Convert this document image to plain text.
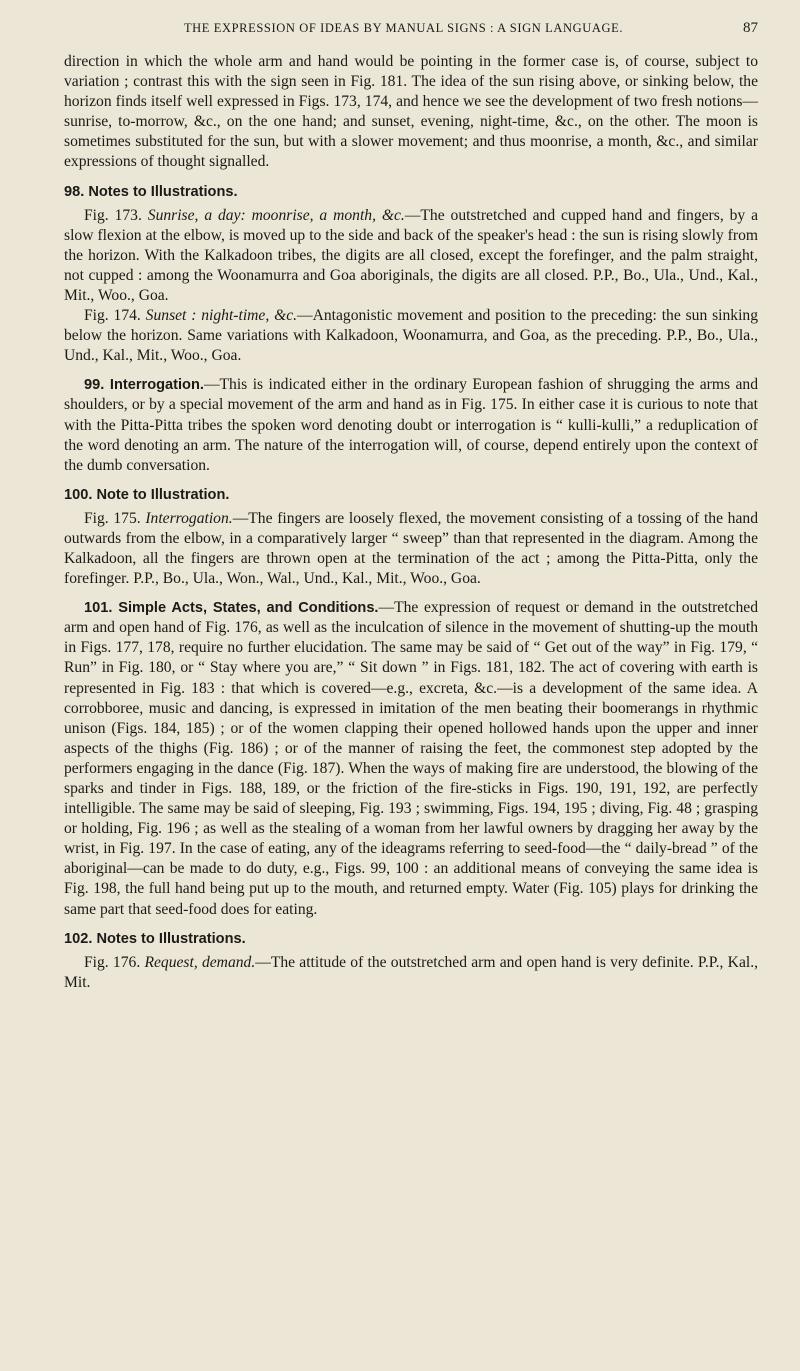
THE EXPRESSION OF IDEAS BY MANUAL SIGNS : A SIGN LANGUAGE.	87

direction in which the whole arm and hand would be pointing in the former case is, of course, subject to variation ; contrast this with the sign seen in Fig. 181. The idea of the sun rising above, or sinking below, the horizon finds itself well expressed in Figs. 173, 174, and hence we see the development of two fresh notions—sunrise, to-morrow, &c., on the one hand; and sunset, evening, night-time, &c., on the other. The moon is sometimes substituted for the sun, but with a slower movement; and thus moonrise, a month, &c., and similar expressions of thought signalled.

98. Notes to Illustrations.

Fig. 173. Sunrise, a day: moonrise, a month, &c.—The outstretched and cupped hand and fingers, by a slow flexion at the elbow, is moved up to the side and back of the speaker's head : the sun is rising slowly from the horizon. With the Kalkadoon tribes, the digits are all closed, except the forefinger, and the palm straight, not cupped : among the Woonamurra and Goa aboriginals, the digits are all closed. P.P., Bo., Ula., Und., Kal., Mit., Woo., Goa.

Fig. 174. Sunset : night-time, &c.—Antagonistic movement and position to the preceding: the sun sinking below the horizon. Same variations with Kalkadoon, Woonamurra, and Goa, as the preceding. P.P., Bo., Ula., Und., Kal., Mit., Woo., Goa.

99. Interrogation.—This is indicated either in the ordinary European fashion of shrugging the arms and shoulders, or by a special movement of the arm and hand as in Fig. 175. In either case it is curious to note that with the Pitta-Pitta tribes the spoken word denoting doubt or interrogation is “ kulli-kulli,” a reduplication of the word denoting an arm. The nature of the interrogation will, of course, depend entirely upon the context of the dumb conversation.

100. Note to Illustration.

Fig. 175. Interrogation.—The fingers are loosely flexed, the movement consisting of a tossing of the hand outwards from the elbow, in a comparatively larger “ sweep” than that represented in the diagram. Among the Kalkadoon, all the fingers are thrown open at the termination of the act ; among the Pitta-Pitta, only the forefinger. P.P., Bo., Ula., Won., Wal., Und., Kal., Mit., Woo., Goa.

101. Simple Acts, States, and Conditions.—The expression of request or demand in the outstretched arm and open hand of Fig. 176, as well as the inculcation of silence in the movement of shutting-up the mouth in Figs. 177, 178, require no further elucidation. The same may be said of “ Get out of the way” in Fig. 179, “ Run” in Fig. 180, or “ Stay where you are,” “ Sit down ” in Figs. 181, 182. The act of covering with earth is represented in Fig. 183 : that which is covered—e.g., excreta, &c.—is a development of the same idea. A corrobboree, music and dancing, is expressed in imitation of the men beating their boomerangs in rhythmic unison (Figs. 184, 185) ; or of the women clapping their opened hollowed hands upon the upper and inner aspects of the thighs (Fig. 186) ; or of the manner of raising the feet, the commonest step adopted by the performers engaging in the dance (Fig. 187). When the ways of making fire are understood, the blowing of the sparks and tinder in Figs. 188, 189, or the friction of the fire-sticks in Figs. 190, 191, 192, are perfectly intelligible. The same may be said of sleeping, Fig. 193 ; swimming, Figs. 194, 195 ; diving, Fig. 48 ; grasping or holding, Fig. 196 ; as well as the stealing of a woman from her lawful owners by dragging her away by the wrist, in Fig. 197. In the case of eating, any of the ideagrams referring to seed-food—the “ daily-bread ” of the aboriginal—can be made to do duty, e.g., Figs. 99, 100 : an additional means of conveying the same idea is Fig. 198, the full hand being put up to the mouth, and returned empty. Water (Fig. 105) plays for drinking the same part that seed-food does for eating.

102. Notes to Illustrations.

Fig. 176. Request, demand.—The attitude of the outstretched arm and open hand is very definite. P.P., Kal., Mit.
